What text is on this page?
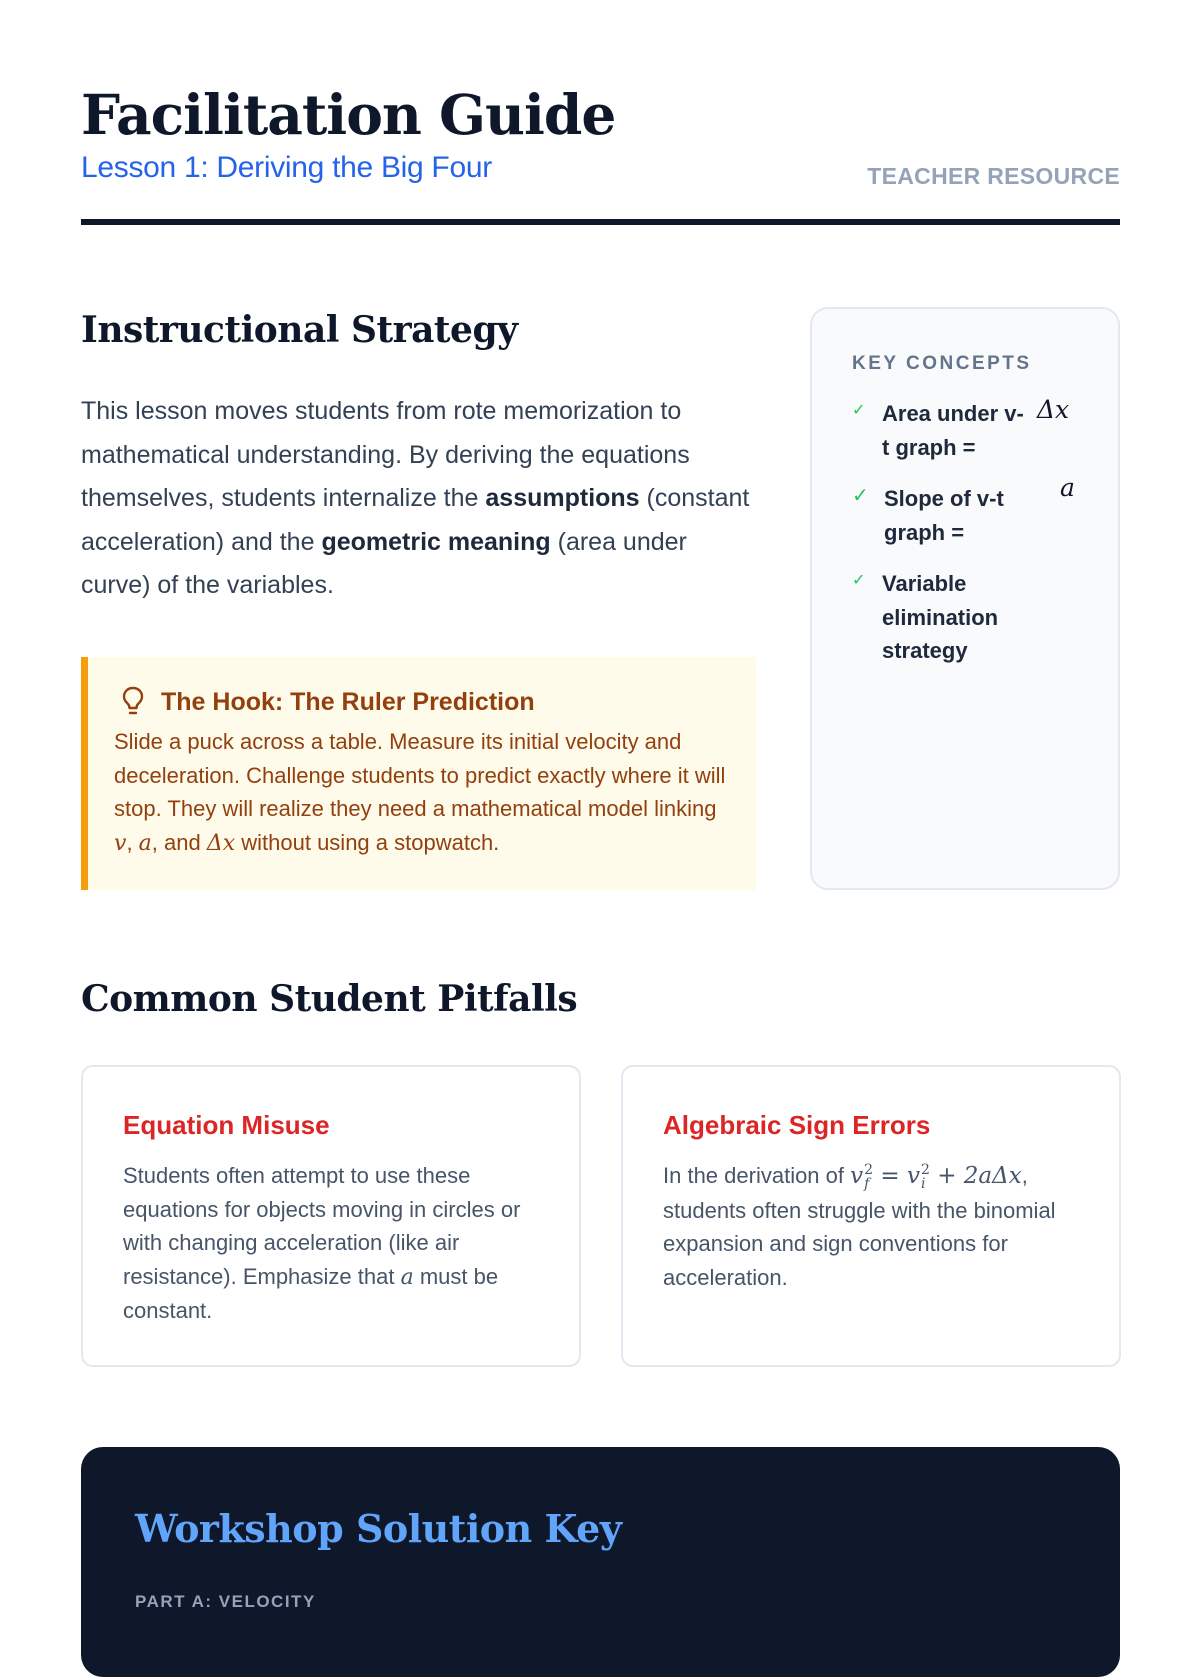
Facilitation Guide
Lesson 1: Deriving the Big Four	TEACHER RESOURCE
Instructional Strategy

This lesson moves students from rote memorization to mathematical understanding. By deriving the equations themselves, students internalize the assumptions (constant acceleration) and the geometric meaning (area under curve) of the variables.

The Hook: The Ruler Prediction

Slide a puck across a table. Measure its initial velocity and deceleration. Challenge students to predict exactly where it will stop. They will realize they need a mathematical model linking v, a, and Δx without using a stopwatch.

KEY CONCEPTS
✓ Area under v-t graph =
Δx
✓ Slope of v-t graph =
a
✓ Variable elimination strategy
Common Student Pitfalls
Equation Misuse

Students often attempt to use these equations for objects moving in circles or with changing acceleration (like air resistance). Emphasize that a must be constant.

Algebraic Sign Errors

In the derivation of v 2
f = v 2
i + 2aΔx, students often struggle with the binomial expansion and sign conventions for acceleration.

Workshop Solution Key
PART A: VELOCITY
